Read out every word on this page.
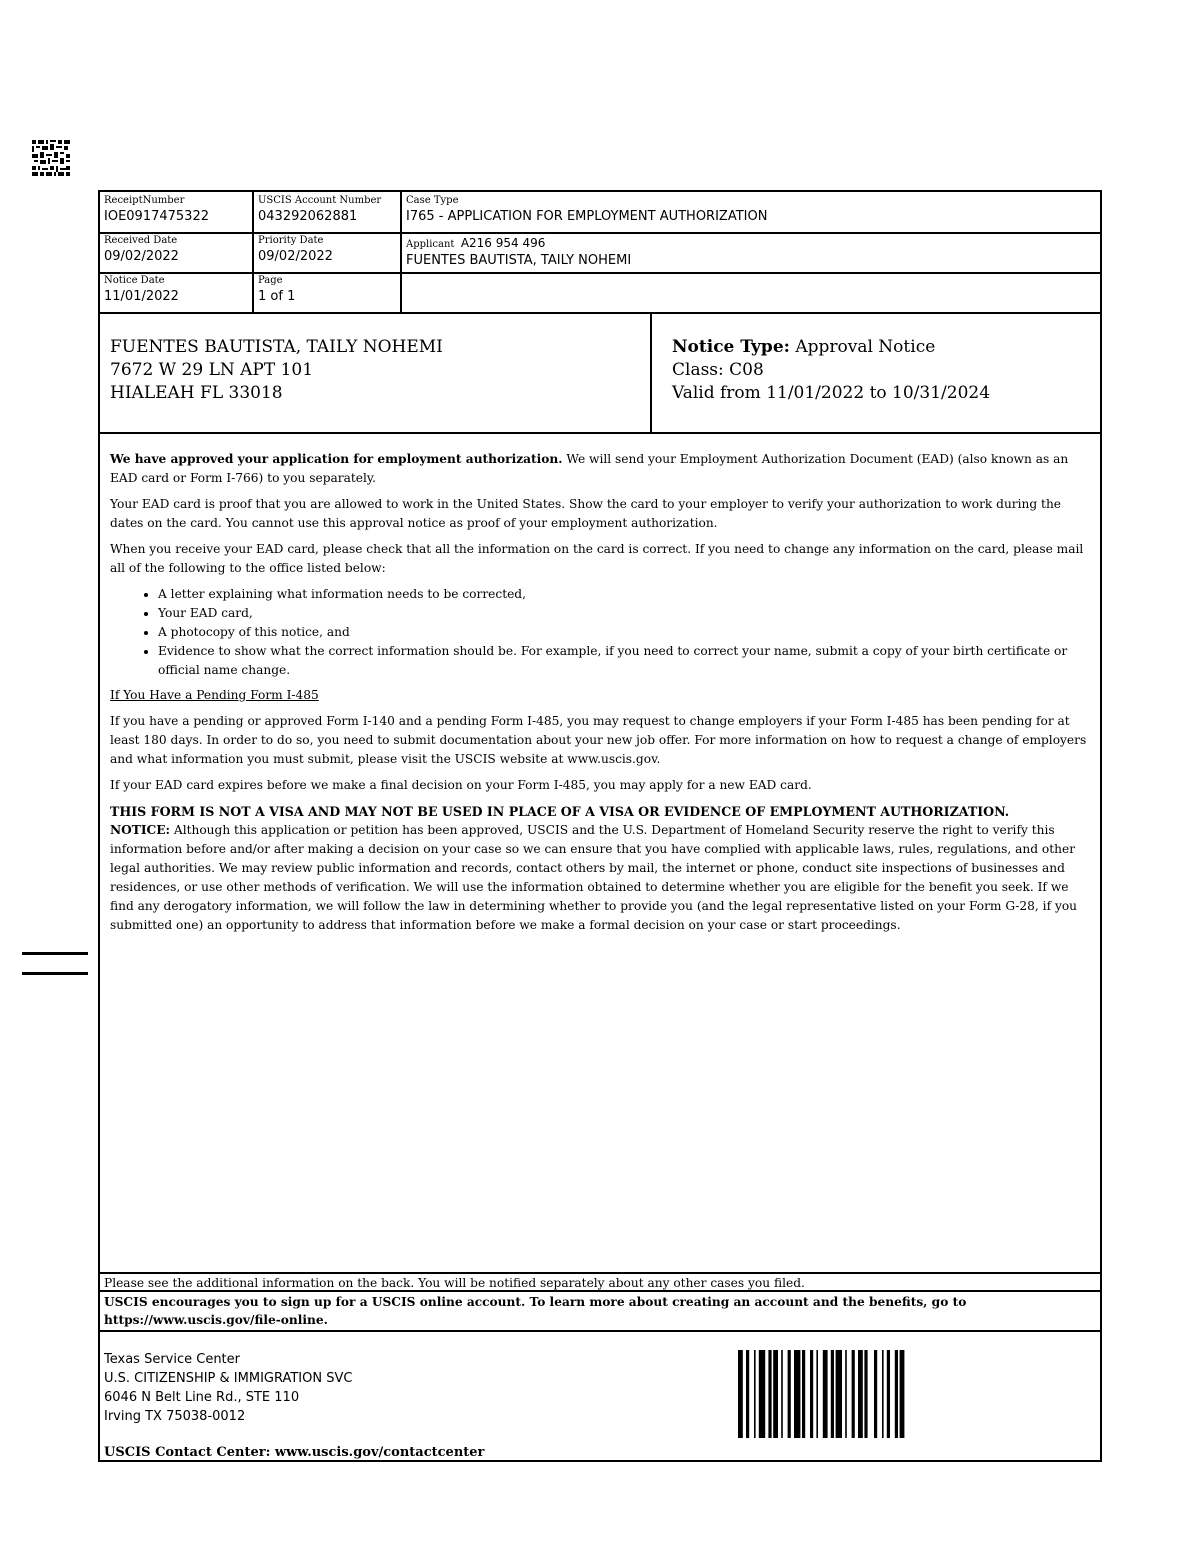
ReceiptNumber
IOE0917475322
USCIS Account Number
043292062881
Case Type
I765 - APPLICATION FOR EMPLOYMENT AUTHORIZATION
Received Date
09/02/2022
Priority Date
09/02/2022
Applicant A216 954 496
FUENTES BAUTISTA, TAILY NOHEMI
Notice Date
11/01/2022
Page
1 of 1
FUENTES BAUTISTA, TAILY NOHEMI
7672 W 29 LN APT 101
HIALEAH FL 33018
Notice Type: Approval Notice
Class: C08
Valid from 11/01/2022 to 10/31/2024

We have approved your application for employment authorization. We will send your Employment Authorization Document (EAD) (also known as an EAD card or Form I-766) to you separately.

Your EAD card is proof that you are allowed to work in the United States. Show the card to your employer to verify your authorization to work during the dates on the card. You cannot use this approval notice as proof of your employment authorization.

When you receive your EAD card, please check that all the information on the card is correct. If you need to change any information on the card, please mail all of the following to the office listed below:

• A letter explaining what information needs to be corrected,
• Your EAD card,
• A photocopy of this notice, and
• Evidence to show what the correct information should be. For example, if you need to correct your name, submit a copy of your birth certificate or official name change.

If You Have a Pending Form I-485

If you have a pending or approved Form I-140 and a pending Form I-485, you may request to change employers if your Form I-485 has been pending for at least 180 days. In order to do so, you need to submit documentation about your new job offer. For more information on how to request a change of employers and what information you must submit, please visit the USCIS website at www.uscis.gov.

If your EAD card expires before we make a final decision on your Form I-485, you may apply for a new EAD card.

THIS FORM IS NOT A VISA AND MAY NOT BE USED IN PLACE OF A VISA OR EVIDENCE OF EMPLOYMENT AUTHORIZATION.

NOTICE: Although this application or petition has been approved, USCIS and the U.S. Department of Homeland Security reserve the right to verify this information before and/or after making a decision on your case so we can ensure that you have complied with applicable laws, rules, regulations, and other legal authorities. We may review public information and records, contact others by mail, the internet or phone, conduct site inspections of businesses and residences, or use other methods of verification. We will use the information obtained to determine whether you are eligible for the benefit you seek. If we find any derogatory information, we will follow the law in determining whether to provide you (and the legal representative listed on your Form G-28, if you submitted one) an opportunity to address that information before we make a formal decision on your case or start proceedings.

Please see the additional information on the back. You will be notified separately about any other cases you filed.
USCIS encourages you to sign up for a USCIS online account. To learn more about creating an account and the benefits, go to https://www.uscis.gov/file-online.
Texas Service Center
U.S. CITIZENSHIP & IMMIGRATION SVC
6046 N Belt Line Rd., STE 110
Irving TX 75038-0012
USCIS Contact Center: www.uscis.gov/contactcenter
